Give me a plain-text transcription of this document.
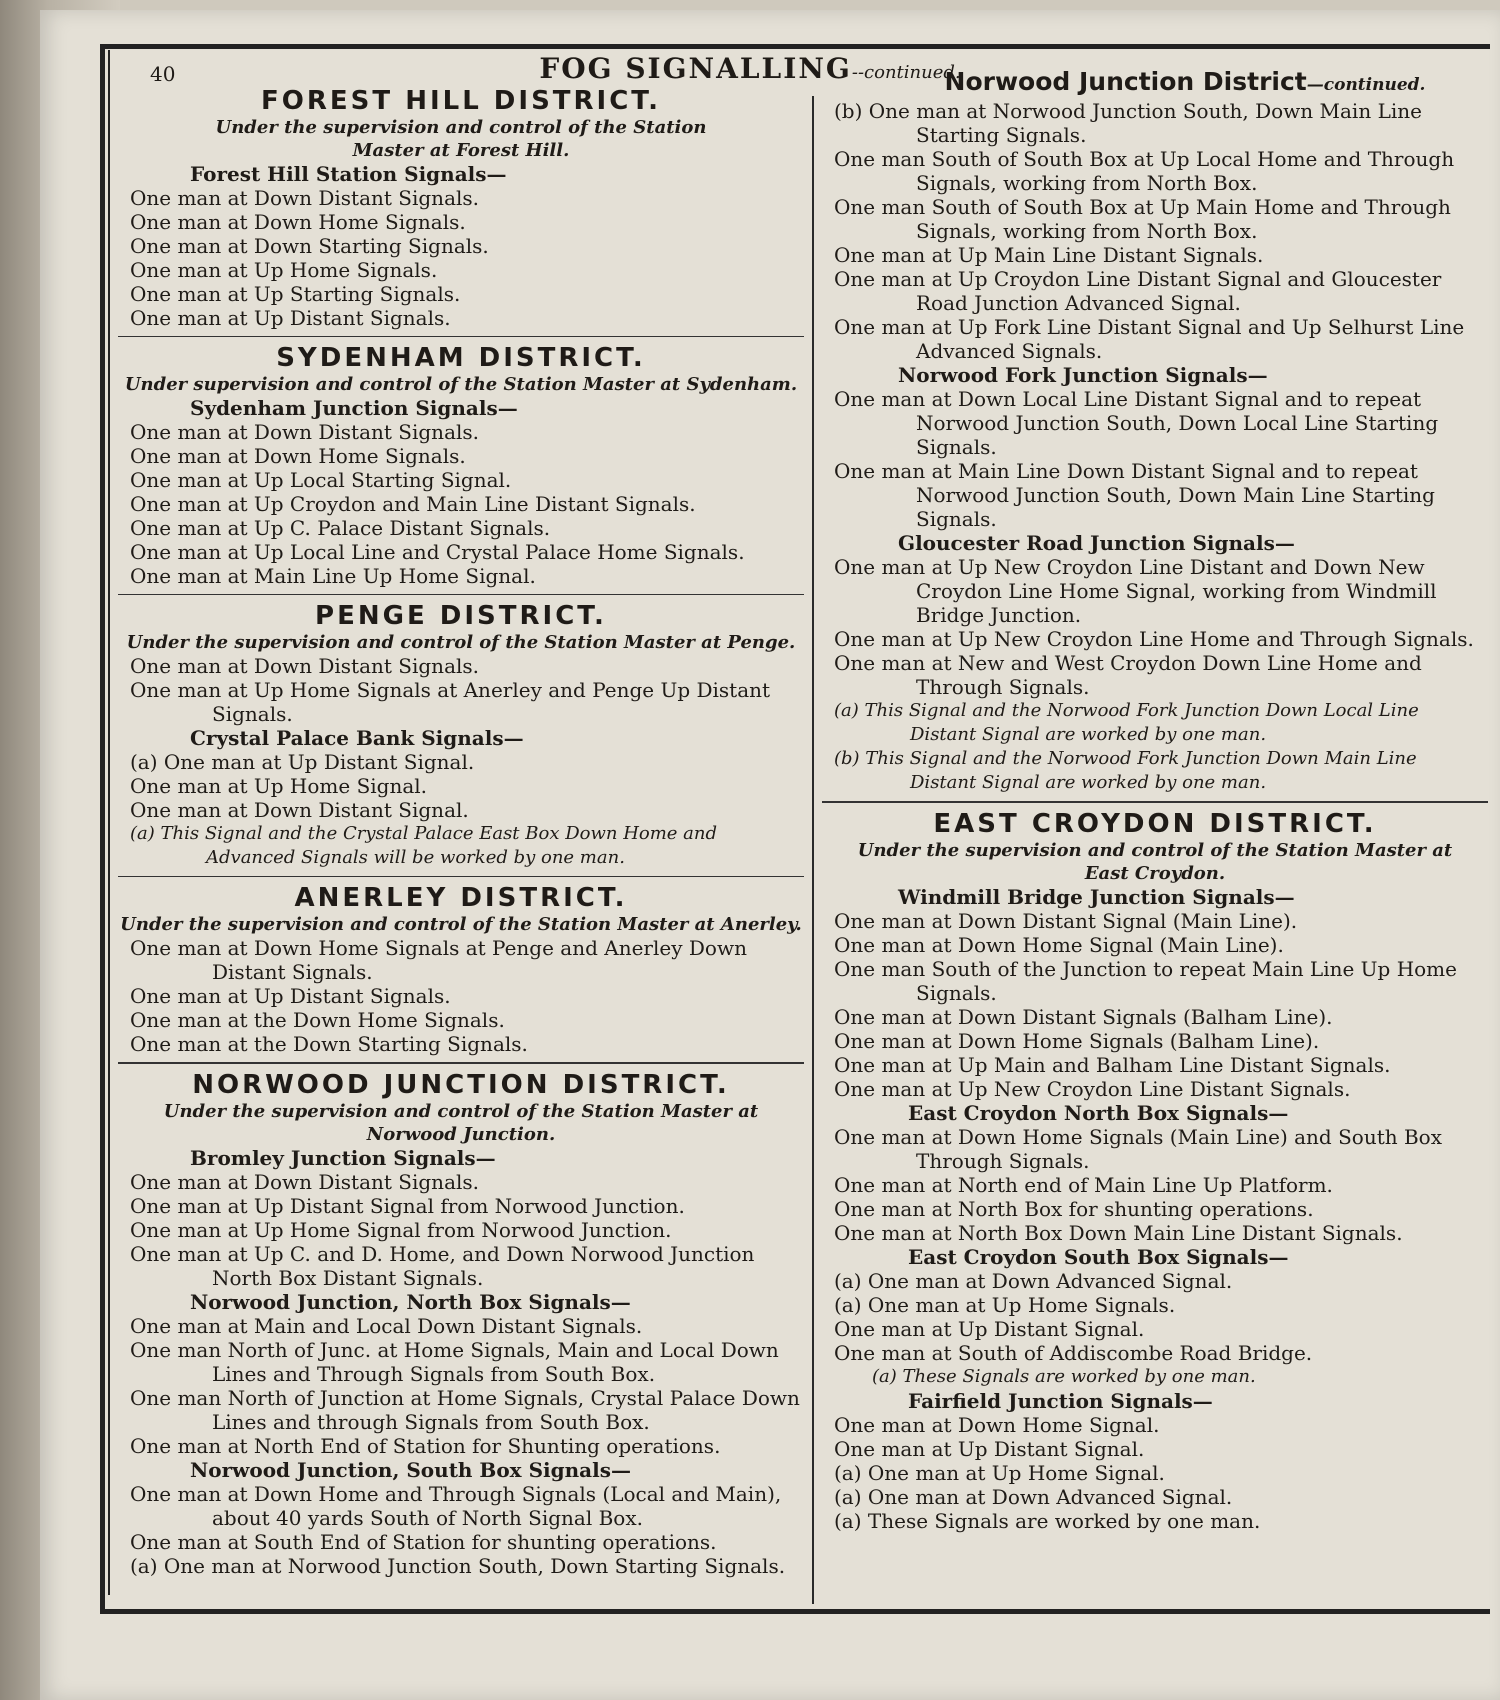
40	FOG SIGNALLING--continued.
FOREST HILL DISTRICT.
Under the supervision and control of the Station Master at Forest Hill.
Forest Hill Station Signals—
One man at Down Distant Signals.
One man at Down Home Signals.
One man at Down Starting Signals.
One man at Up Home Signals.
One man at Up Starting Signals.
One man at Up Distant Signals.
SYDENHAM DISTRICT.
Under supervision and control of the Station Master at Sydenham.
Sydenham Junction Signals—
One man at Down Distant Signals.
One man at Down Home Signals.
One man at Up Local Starting Signal.
One man at Up Croydon and Main Line Distant Signals.
One man at Up C. Palace Distant Signals.
One man at Up Local Line and Crystal Palace Home Signals.
One man at Main Line Up Home Signal.
PENGE DISTRICT.
Under the supervision and control of the Station Master at Penge.
One man at Down Distant Signals.
One man at Up Home Signals at Anerley and Penge Up Distant Signals.
Crystal Palace Bank Signals—
(a) One man at Up Distant Signal.
One man at Up Home Signal.
One man at Down Distant Signal.
(a) This Signal and the Crystal Palace East Box Down Home and Advanced Signals will be worked by one man.
ANERLEY DISTRICT.
Under the supervision and control of the Station Master at Anerley.
One man at Down Home Signals at Penge and Anerley Down Distant Signals.
One man at Up Distant Signals.
One man at the Down Home Signals.
One man at the Down Starting Signals.
NORWOOD JUNCTION DISTRICT.
Under the supervision and control of the Station Master at Norwood Junction.
Bromley Junction Signals—
One man at Down Distant Signals.
One man at Up Distant Signal from Norwood Junction.
One man at Up Home Signal from Norwood Junction.
One man at Up C. and D. Home, and Down Norwood Junction North Box Distant Signals.
Norwood Junction, North Box Signals—
One man at Main and Local Down Distant Signals.
One man North of Junc. at Home Signals, Main and Local Down Lines and Through Signals from South Box.
One man North of Junction at Home Signals, Crystal Palace Down Lines and through Signals from South Box.
One man at North End of Station for Shunting operations.
Norwood Junction, South Box Signals—
One man at Down Home and Through Signals (Local and Main), about 40 yards South of North Signal Box.
One man at South End of Station for shunting operations.
(a) One man at Norwood Junction South, Down Starting Signals.
Norwood Junction District—continued.
(b) One man at Norwood Junction South, Down Main Line Starting Signals.
One man South of South Box at Up Local Home and Through Signals, working from North Box.
One man South of South Box at Up Main Home and Through Signals, working from North Box.
One man at Up Main Line Distant Signals.
One man at Up Croydon Line Distant Signal and Gloucester Road Junction Advanced Signal.
One man at Up Fork Line Distant Signal and Up Selhurst Line Advanced Signals.
Norwood Fork Junction Signals—
One man at Down Local Line Distant Signal and to repeat Norwood Junction South, Down Local Line Starting Signals.
One man at Main Line Down Distant Signal and to repeat Norwood Junction South, Down Main Line Starting Signals.
Gloucester Road Junction Signals—
One man at Up New Croydon Line Distant and Down New Croydon Line Home Signal, working from Windmill Bridge Junction.
One man at Up New Croydon Line Home and Through Signals.
One man at New and West Croydon Down Line Home and Through Signals.
(a) This Signal and the Norwood Fork Junction Down Local Line Distant Signal are worked by one man.
(b) This Signal and the Norwood Fork Junction Down Main Line Distant Signal are worked by one man.
EAST CROYDON DISTRICT.
Under the supervision and control of the Station Master at East Croydon.
Windmill Bridge Junction Signals—
One man at Down Distant Signal (Main Line).
One man at Down Home Signal (Main Line).
One man South of the Junction to repeat Main Line Up Home Signals.
One man at Down Distant Signals (Balham Line).
One man at Down Home Signals (Balham Line).
One man at Up Main and Balham Line Distant Signals.
One man at Up New Croydon Line Distant Signals.
East Croydon North Box Signals—
One man at Down Home Signals (Main Line) and South Box Through Signals.
One man at North end of Main Line Up Platform.
One man at North Box for shunting operations.
One man at North Box Down Main Line Distant Signals.
East Croydon South Box Signals—
(a) One man at Down Advanced Signal.
(a) One man at Up Home Signals.
One man at Up Distant Signal.
One man at South of Addiscombe Road Bridge.
(a) These Signals are worked by one man.
Fairfield Junction Signals—
One man at Down Home Signal.
One man at Up Distant Signal.
(a) One man at Up Home Signal.
(a) One man at Down Advanced Signal.
(a) These Signals are worked by one man.
